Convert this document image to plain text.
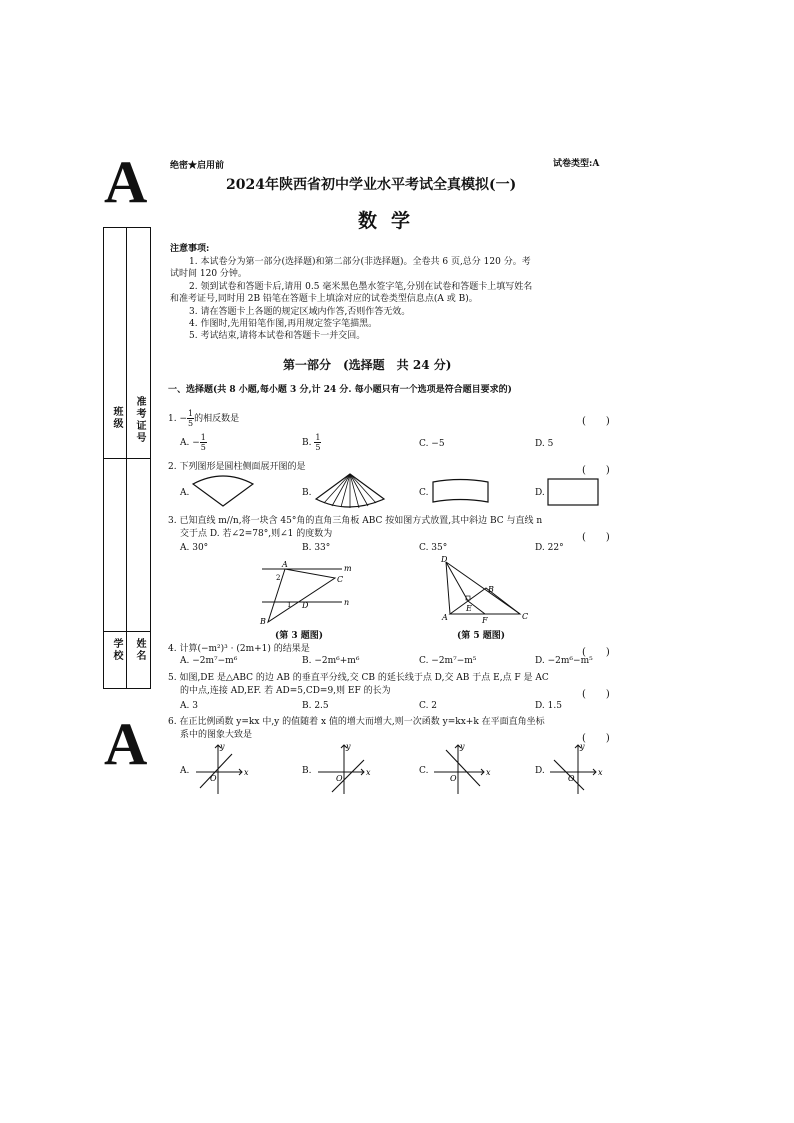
A
A
绝密★启用前	试卷类型:A
2024年陕西省初中学业水平考试全真模拟(一)
数学
班级 准考证号
学校 姓名
注意事项:
1. 本试卷分为第一部分(选择题)和第二部分(非选择题)。全卷共 6 页,总分 120 分。考
试时间 120 分钟。
2. 领到试卷和答题卡后,请用 0.5 毫米黑色墨水签字笔,分别在试卷和答题卡上填写姓名
和准考证号,同时用 2B 铅笔在答题卡上填涂对应的试卷类型信息点(A 或 B)。
3. 请在答题卡上各题的规定区域内作答,否则作答无效。
4. 作图时,先用铅笔作图,再用规定签字笔描黑。
5. 考试结束,请将本试卷和答题卡一并交回。
第一部分　(选择题　共 24 分)
一、选择题(共 8 小题,每小题 3 分,计 24 分. 每小题只有一个选项是符合题目要求的)
1. − $\frac{1}{5}$ 的相反数是	(　　)
A. − $\frac{1}{5}$	B. $\frac{1}{5}$	C. −5	D. 5
2. 下列图形是圆柱侧面展开图的是	(　　)
A.	B.	C.	D.
3. 已知直线 m//n,将一块含 45°角的直角三角板 ABC 按如图方式放置,其中斜边 BC 与直线 n
交于点 D. 若∠2=78°,则∠1 的度数为	(　　)
A. 30°	B. 33°	C. 35°	D. 22°
A	m
2	C
1 D	n
B
(第 3 题图)
D
B
E
A	F	C
(第 5 题图)
4. 计算(−m²)³ · (2m+1) 的结果是	(　　)
A. −2m⁷−m⁶	B. −2m⁶+m⁶	C. −2m⁷−m⁵	D. −2m⁶−m⁵
5. 如图,DE 是△ABC 的边 AB 的垂直平分线,交 CB 的延长线于点 D,交 AB 于点 E,点 F 是 AC
的中点,连接 AD,EF. 若 AD=5,CD=9,则 EF 的长为	(　　)
A. 3	B. 2.5	C. 2	D. 1.5
6. 在正比例函数 y=kx 中,y 的值随着 x 值的增大而增大,则一次函数 y=kx+k 在平面直角坐标
系中的图象大致是	(　　)
A.	x
y
O
B.	x
y
O
C.	x
y
O
D.	x
y
O
